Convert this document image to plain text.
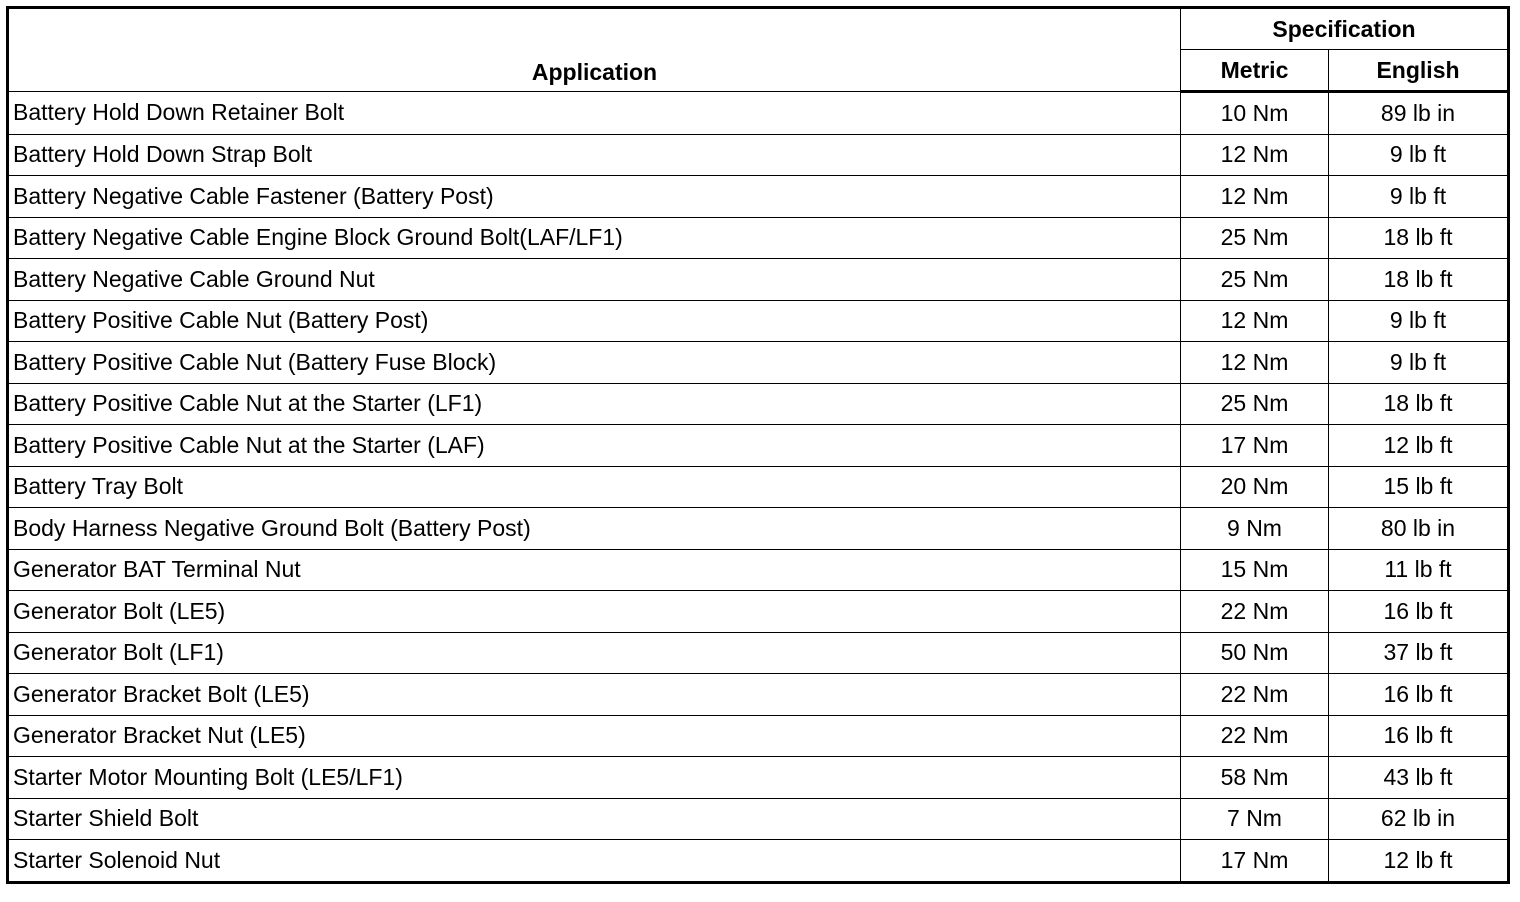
Application	Specification	
	Metric	English
Battery Hold Down Retainer Bolt	10 Nm	89 lb in
Battery Hold Down Strap Bolt	12 Nm	9 lb ft
Battery Negative Cable Fastener (Battery Post)	12 Nm	9 lb ft
Battery Negative Cable Engine Block Ground Bolt(LAF/LF1)	25 Nm	18 lb ft
Battery Negative Cable Ground Nut	25 Nm	18 lb ft
Battery Positive Cable Nut (Battery Post)	12 Nm	9 lb ft
Battery Positive Cable Nut (Battery Fuse Block)	12 Nm	9 lb ft
Battery Positive Cable Nut at the Starter (LF1)	25 Nm	18 lb ft
Battery Positive Cable Nut at the Starter (LAF)	17 Nm	12 lb ft
Battery Tray Bolt	20 Nm	15 lb ft
Body Harness Negative Ground Bolt (Battery Post)	9 Nm	80 lb in
Generator BAT Terminal Nut	15 Nm	11 lb ft
Generator Bolt (LE5)	22 Nm	16 lb ft
Generator Bolt (LF1)	50 Nm	37 lb ft
Generator Bracket Bolt (LE5)	22 Nm	16 lb ft
Generator Bracket Nut (LE5)	22 Nm	16 lb ft
Starter Motor Mounting Bolt (LE5/LF1)	58 Nm	43 lb ft
Starter Shield Bolt	7 Nm	62 lb in
Starter Solenoid Nut	17 Nm	12 lb ft
